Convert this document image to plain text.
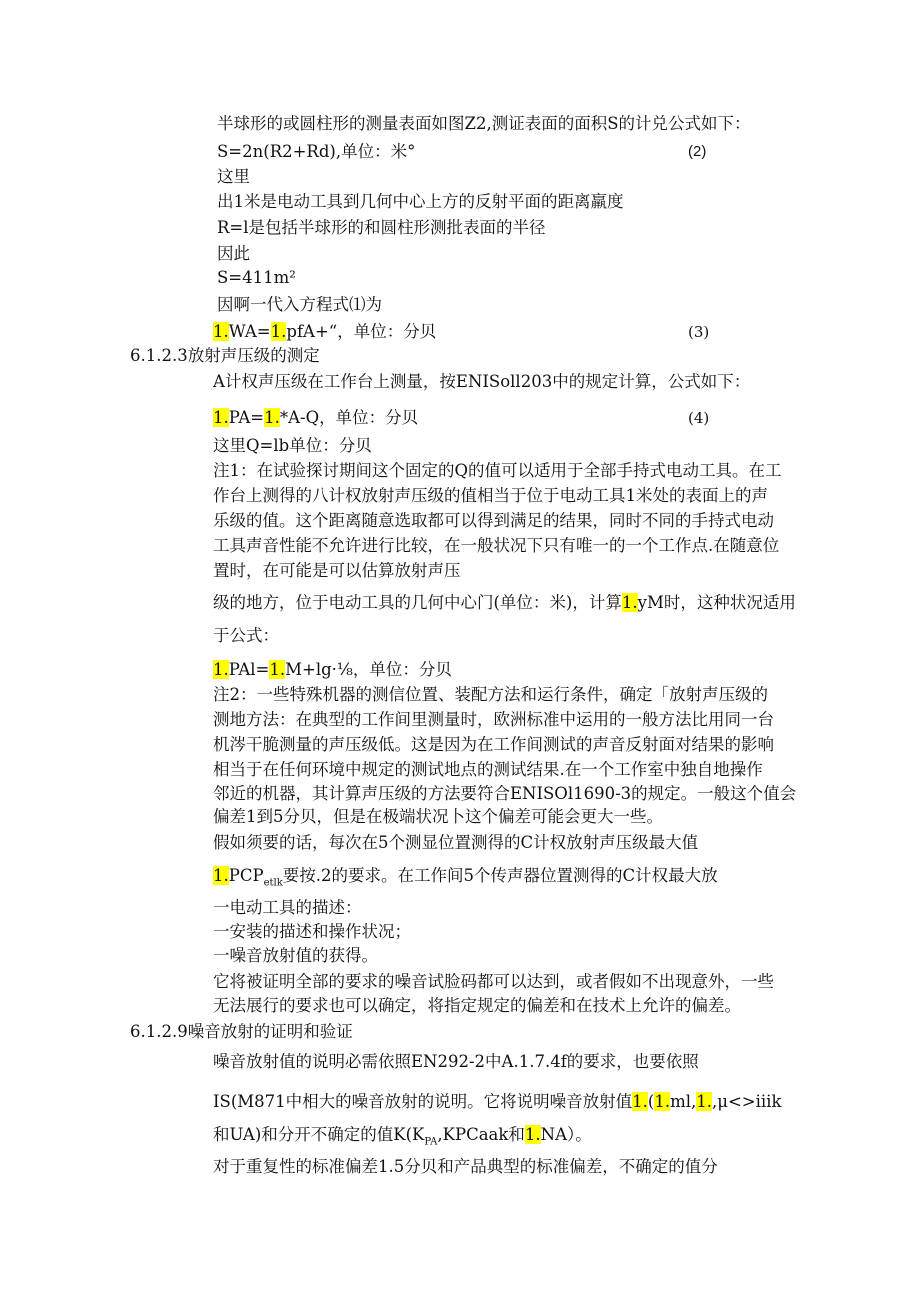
半球形的或圆柱形的测量表面如图Z2,测证表面的面积S的计兑公式如下：
S=2n(R2+Rd),单位：米°	(2)
这里
出1米是电动工具到几何中心上方的反射平面的距离羸度
R=l是包括半球形的和圆柱形测批表面的半径
因此
S=411m²
因啊一代入方程式⑴为
1.WA=1.pfA+“，单位：分贝	(3)
6.1.2.3放射声压级的测定
A计权声压级在工作台上测量，按ENISoll203中的规定计算，公式如下：
1.PA=1.*A-Q，单位：分贝	(4)
这里Q=lb单位：分贝
注1：在试验探讨期间这个固定的Q的值可以适用于全部手持式电动工具。在工
作台上测得的八计权放射声压级的值相当于位于电动工具1米处的表面上的声
乐级的值。这个距离随意选取都可以得到满足的结果，同时不同的手持式电动
工具声音性能不允许进行比较，在一般状况下只有唯一的一个工作点.在随意位
置时，在可能是可以估算放射声压
级的地方，位于电动工具的几何中心门(单位：米)，计算1.yM时，这种状况适用
于公式：
1.PAl=1.M+lg·⅛，单位：分贝
注2：一些特殊机器的测信位置、装配方法和运行条件，确定「放射声压级的
测地方法：在典型的工作间里测量时，欧洲标准中运用的一般方法比用同一台
机涔干脆测量的声压级低。这是因为在工作间测试的声音反射面对结果的影响
相当于在任何环境中规定的测试地点的测试结果.在一个工作室中独自地操作
邻近的机器，其计算声压级的方法要符合ENISOl1690-3的规定。一般这个值会
偏差1到5分贝，但是在极端状况卜这个偏差可能会更大一些。
假如须要的话，每次在5个测显位置测得的C计权放射声压级最大值
$1.PCP_{etlk}$要按.2的要求。在工作间5个传声器位置测得的C计权最大放
一电动工具的描述：
一安装的描述和操作状况；
一噪音放射值的获得。
它将被证明全部的要求的噪音试脸码都可以达到，或者假如不出现意外，一些
无法展行的要求也可以确定，将指定规定的偏差和在技术上允许的偏差。
6.1.2.9噪音放射的证明和验证
噪音放射值的说明必需依照EN292-2中A.1.7.4f的要求，也要依照
IS(M871中相大的噪音放射的说明。它将说明噪音放射值1.(1.ml,1.,μ<>ⅲk
和UA)和分开不确定的值$K(K_{PA},KPCaak$和1.NA）。
对于重复性的标准偏差1.5分贝和产品典型的标准偏差，不确定的值分
